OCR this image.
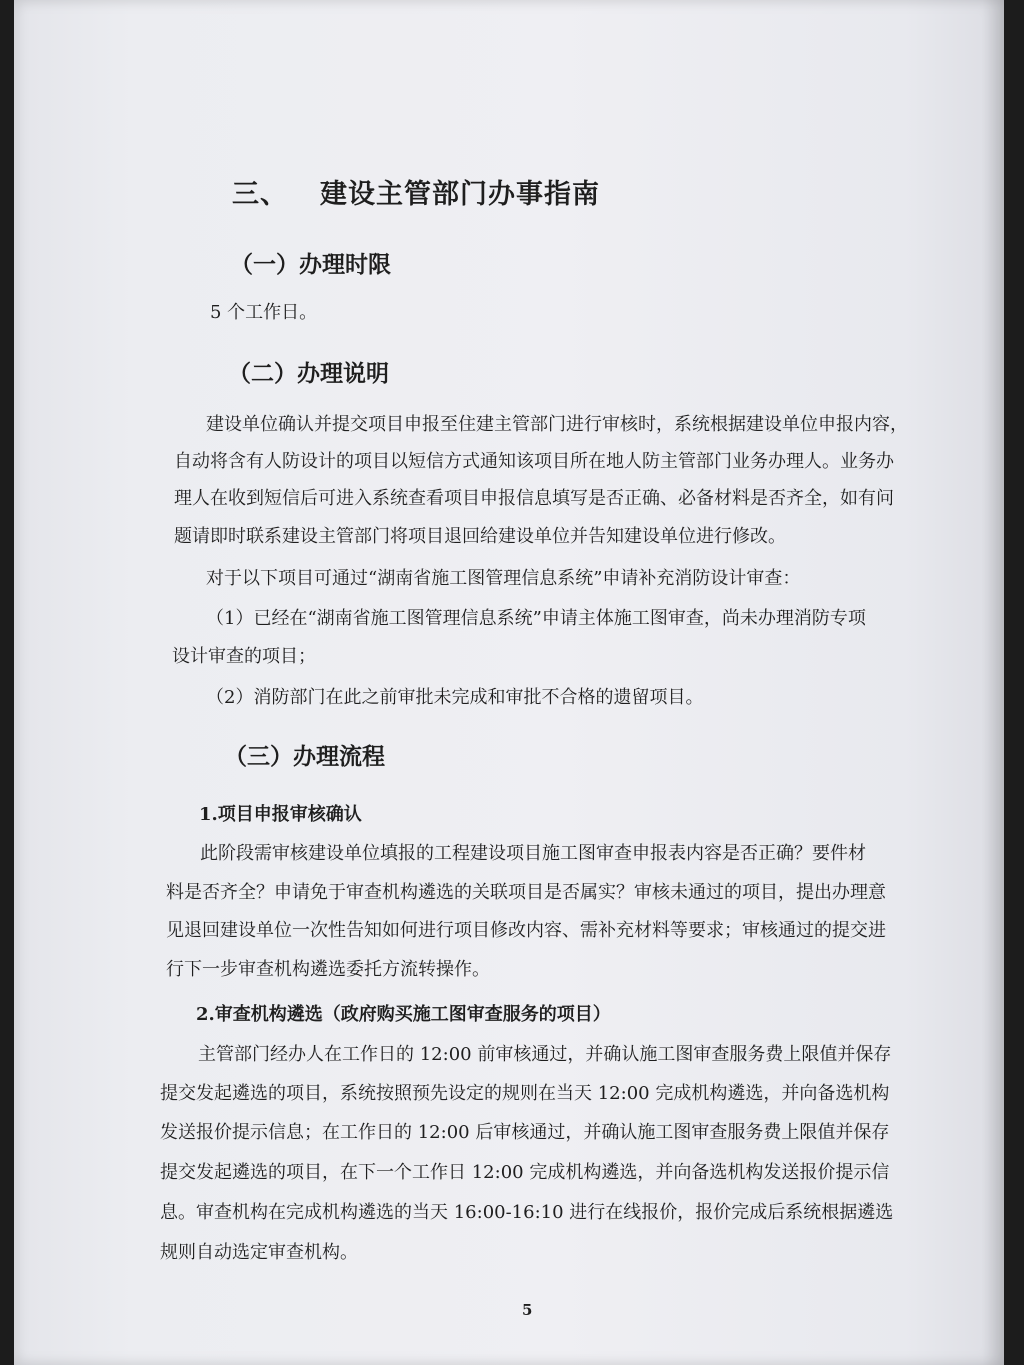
三、 建设主管部门办事指南
（一）办理时限
5 个工作日。
（二）办理说明
建设单位确认并提交项目申报至住建主管部门进行审核时，系统根据建设单位申报内容，
自动将含有人防设计的项目以短信方式通知该项目所在地人防主管部门业务办理人。业务办
理人在收到短信后可进入系统查看项目申报信息填写是否正确、必备材料是否齐全，如有问
题请即时联系建设主管部门将项目退回给建设单位并告知建设单位进行修改。
对于以下项目可通过“湖南省施工图管理信息系统”申请补充消防设计审查：
（1）已经在“湖南省施工图管理信息系统”申请主体施工图审查，尚未办理消防专项
设计审查的项目；
（2）消防部门在此之前审批未完成和审批不合格的遗留项目。
（三）办理流程
1.项目申报审核确认
此阶段需审核建设单位填报的工程建设项目施工图审查申报表内容是否正确？要件材
料是否齐全？申请免于审查机构遴选的关联项目是否属实？审核未通过的项目，提出办理意
见退回建设单位一次性告知如何进行项目修改内容、需补充材料等要求；审核通过的提交进
行下一步审查机构遴选委托方流转操作。
2.审查机构遴选（政府购买施工图审查服务的项目）
主管部门经办人在工作日的 12:00 前审核通过，并确认施工图审查服务费上限值并保存
提交发起遴选的项目，系统按照预先设定的规则在当天 12:00 完成机构遴选，并向备选机构
发送报价提示信息；在工作日的 12:00 后审核通过，并确认施工图审查服务费上限值并保存
提交发起遴选的项目，在下一个工作日 12:00 完成机构遴选，并向备选机构发送报价提示信
息。审查机构在完成机构遴选的当天 16:00-16:10 进行在线报价，报价完成后系统根据遴选
规则自动选定审查机构。
5
